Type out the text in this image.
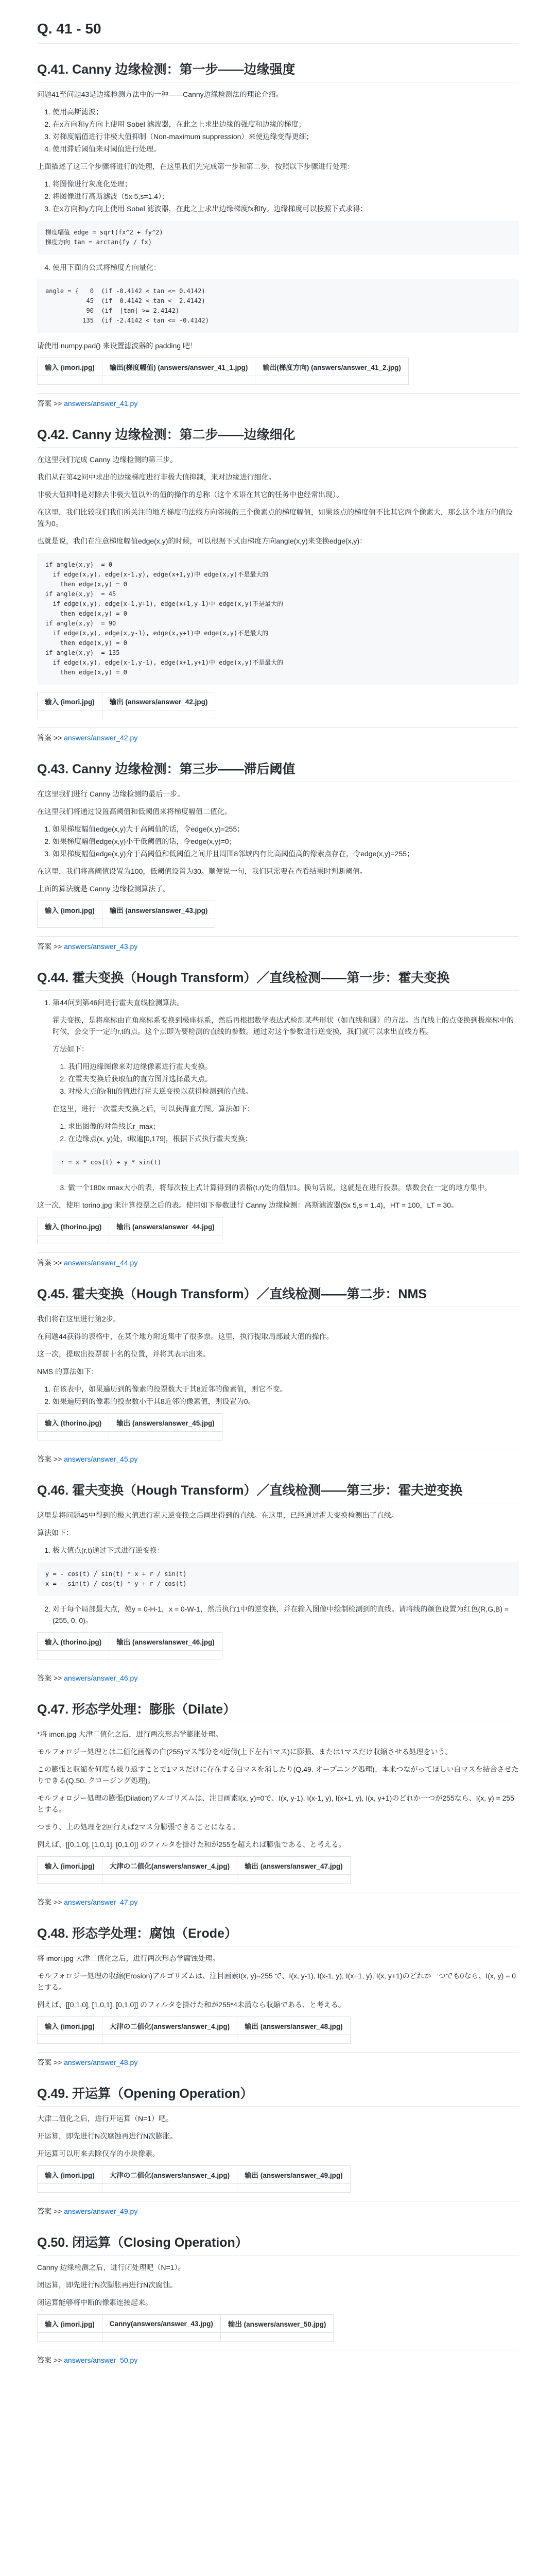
Q. 41 - 50
Q.41. Canny 边缘检测：第一步——边缘强度

问题41至问题43是边缘检测方法中的一种——Canny边缘检测法的理论介绍。

1. 使用高斯滤波；
2. 在x方向和y方向上使用 Sobel 滤波器，在此之上求出边缘的强度和边缘的梯度；
3. 对梯度幅值进行非极大值抑制（Non-maximum suppression）来使边缘变得更细；
4. 使用滞后阈值来对阈值进行处理。

上面描述了这三个步骤将进行的处理，在这里我们先完成第一步和第二步，按照以下步骤进行处理：

1. 将图像进行灰度化处理；
2. 将图像进行高斯滤波（5x 5,s=1.4）；
3. 在x方向和y方向上使用 Sobel 滤波器，在此之上求出边缘梯度fx和fy。边缘梯度可以按照下式求得：
梯度幅值 edge = sqrt(fx^2 + fy^2)
梯度方向 tan = arctan(fy / fx)
4. 使用下面的公式将梯度方向量化：
angle = {   0  (if -0.4142 < tan <= 0.4142)
45  (if  0.4142 < tan <  2.4142)
90  (if  |tan| >= 2.4142)
135  (if -2.4142 < tan <= -0.4142)

请使用 numpy.pad() 来设置滤波器的 padding 吧！

输入 (imori.jpg)	输出(梯度幅值) (answers/answer_41_1.jpg)	输出(梯度方向) (answers/answer_41_2.jpg)

答案 >> answers/answer_41.py
Q.42. Canny 边缘检测：第二步——边缘细化

在这里我们完成 Canny 边缘检测的第三步。

我们从在第42问中求出的边缘梯度进行非极大值抑制，来对边缘进行细化。

非极大值抑制是对除去非极大值以外的值的操作的总称（这个术语在其它的任务中也经常出现）。

在这里，我们比较我们我们所关注的地方梯度的法线方向邻接的三个像素点的梯度幅值，如果该点的梯度值不比其它两个像素大，那么这个地方的值设置为0。

也就是说，我们在注意梯度幅值edge(x,y)的时候，可以根据下式由梯度方向angle(x,y)来变换edge(x,y)：

if angle(x,y)  = 0
if edge(x,y), edge(x-1,y), edge(x+1,y)中 edge(x,y)不是最大的
then edge(x,y) = 0
if angle(x,y)  = 45
if edge(x,y), edge(x-1,y+1), edge(x+1,y-1)中 edge(x,y)不是最大的
then edge(x,y) = 0
if angle(x,y)  = 90
if edge(x,y), edge(x,y-1), edge(x,y+1)中 edge(x,y)不是最大的
then edge(x,y) = 0
if angle(x,y)  = 135
if edge(x,y), edge(x-1,y-1), edge(x+1,y+1)中 edge(x,y)不是最大的
then edge(x,y) = 0
输入 (imori.jpg)	输出 (answers/answer_42.jpg)

答案 >> answers/answer_42.py
Q.43. Canny 边缘检测：第三步——滞后阈值

在这里我们进行 Canny 边缘检测的最后一步。

在这里我们将通过设置高阈值和低阈值来将梯度幅值二值化。

1. 如果梯度幅值edge(x,y)大于高阈值的话，令edge(x,y)=255；
2. 如果梯度幅值edge(x,y)小于低阈值的话，令edge(x,y)=0；
3. 如果梯度幅值edge(x,y)介于高阈值和低阈值之间并且周围8邻域内有比高阈值高的像素点存在，令edge(x,y)=255；

在这里，我们将高阈值设置为100，低阈值设置为30。顺便说一句，我们只需要在查看结果时判断阈值。

上面的算法就是 Canny 边缘检测算法了。

输入 (imori.jpg)	输出 (answers/answer_43.jpg)

答案 >> answers/answer_43.py
Q.44. 霍夫变换（Hough Transform）／直线检测——第一步：霍夫变换

1. 第44问到第46问进行霍夫直线检测算法。

霍夫变换，是将座标由直角座标系变换到极座标系，然后再根据数学表达式检测某些形状（如直线和圆）的方法。当直线上的点变换到极座标中的时候，会交于一定的r,t的点。这个点即为要检测的直线的参数。通过对这个参数进行逆变换，我们就可以求出直线方程。

方法如下：

1. 我们用边缘图像来对边缘像素进行霍夫变换。
2. 在霍夫变换后获取值的直方图并选择最大点。
3. 对极大点的r和t的值进行霍夫逆变换以获得检测到的直线。

在这里，进行一次霍夫变换之后，可以获得直方图。算法如下：

1. 求出图像的对角线长r_max；
2. 在边缘点(x, y)处，t取遍[0,179]，根据下式执行霍夫变换：
r = x * cos(t) + y * sin(t)
3. 做一个180x rmax大小的表，将每次按上式计算得到的表格(t,r)处的值加1。换句话说，这就是在进行投票。票数会在一定的地方集中。

这一次，使用 torino.jpg 来计算投票之后的表。使用如下参数进行 Canny 边缘检测：高斯滤波器(5x 5,s = 1.4)，HT = 100，LT = 30。

输入 (thorino.jpg)	输出 (answers/answer_44.jpg)

答案 >> answers/answer_44.py
Q.45. 霍夫变换（Hough Transform）／直线检测——第二步：NMS

我们将在这里进行第2步。

在问题44获得的表格中，在某个地方附近集中了很多票。这里，执行提取局部最大值的操作。

这一次，提取出投票前十名的位置，并将其表示出来。

NMS 的算法如下：

1. 在该表中，如果遍历到的像素的投票数大于其8近邻的像素值，则它不变。
2. 如果遍历到的像素的投票数小于其8近邻的像素值，则设置为0。
输入 (thorino.jpg)	输出 (answers/answer_45.jpg)

答案 >> answers/answer_45.py
Q.46. 霍夫变换（Hough Transform）／直线检测——第三步：霍夫逆变换

这里是将问题45中得到的极大值进行霍夫逆变换之后画出得到的直线。在这里，已经通过霍夫变换检测出了直线。

算法如下：

1. 极大值点(r,t)通过下式进行逆变换：
y = - cos(t) / sin(t) * x + r / sin(t)
x = - sin(t) / cos(t) * y + r / cos(t)
2. 对于每个局部最大点，使y = 0-H-1，x = 0-W-1，然后执行1中的逆变换，并在输入图像中绘制检测到的直线。请将线的颜色设置为红色(R,G,B) = (255, 0, 0)。
输入 (thorino.jpg)	输出 (answers/answer_46.jpg)

答案 >> answers/answer_46.py
Q.47. 形态学处理：膨胀（Dilate）

*将 imori.jpg 大津二值化之后，进行两次形态学膨胀处理。

モルフォロジー処理とは二値化画像の白(255)マス部分を4近傍(上下左右1マス)に膨張、または1マスだけ収縮させる処理をいう。

この膨張と収縮を何度も繰り返すことで1マスだけに存在する白マスを消したり(Q.49. オープニング処理)、本来つながってほしい白マスを結合させたりできる(Q.50. クロージング処理)。

モルフォロジー処理の膨張(Dilation)アルゴリズムは、注目画素I(x, y)=0で、I(x, y-1), I(x-1, y), I(x+1, y), I(x, y+1)のどれか一つが255なら、I(x, y) = 255 とする。

つまり、上の処理を2回行えば2マス分膨張できることになる。

例えば、[[0,1,0], [1,0,1], [0,1,0]] のフィルタを掛けた和が255を超えれば膨張である、と考える。

输入 (imori.jpg)	大津の二値化(answers/answer_4.jpg)	输出 (answers/answer_47.jpg)

答案 >> answers/answer_47.py
Q.48. 形态学处理：腐蚀（Erode）

将 imori.jpg 大津二值化之后，进行两次形态学腐蚀处理。

モルフォロジー処理の収縮(Erosion)アルゴリズムは、注目画素I(x, y)=255 で、I(x, y-1), I(x-1, y), I(x+1, y), I(x, y+1)のどれか一つでも0なら、I(x, y) = 0 とする。

例えば、[[0,1,0], [1,0,1], [0,1,0]] のフィルタを掛けた和が255*4未満なら収縮である、と考える。

输入 (imori.jpg)	大津の二値化(answers/answer_4.jpg)	输出 (answers/answer_48.jpg)

答案 >> answers/answer_48.py
Q.49. 开运算（Opening Operation）

大津二值化之后，进行开运算（N=1）吧。

开运算，即先进行N次腐蚀再进行N次膨胀。

开运算可以用来去除仅存的小块像素。

输入 (imori.jpg)	大津の二値化(answers/answer_4.jpg)	输出 (answers/answer_49.jpg)

答案 >> answers/answer_49.py
Q.50. 闭运算（Closing Operation）

Canny 边缘检测之后，进行闭处理吧（N=1）。

闭运算，即先进行N次膨胀再进行N次腐蚀。

闭运算能够将中断的像素连接起来。

输入 (imori.jpg)	Canny(answers/answer_43.jpg)	输出 (answers/answer_50.jpg)

答案 >> answers/answer_50.py
